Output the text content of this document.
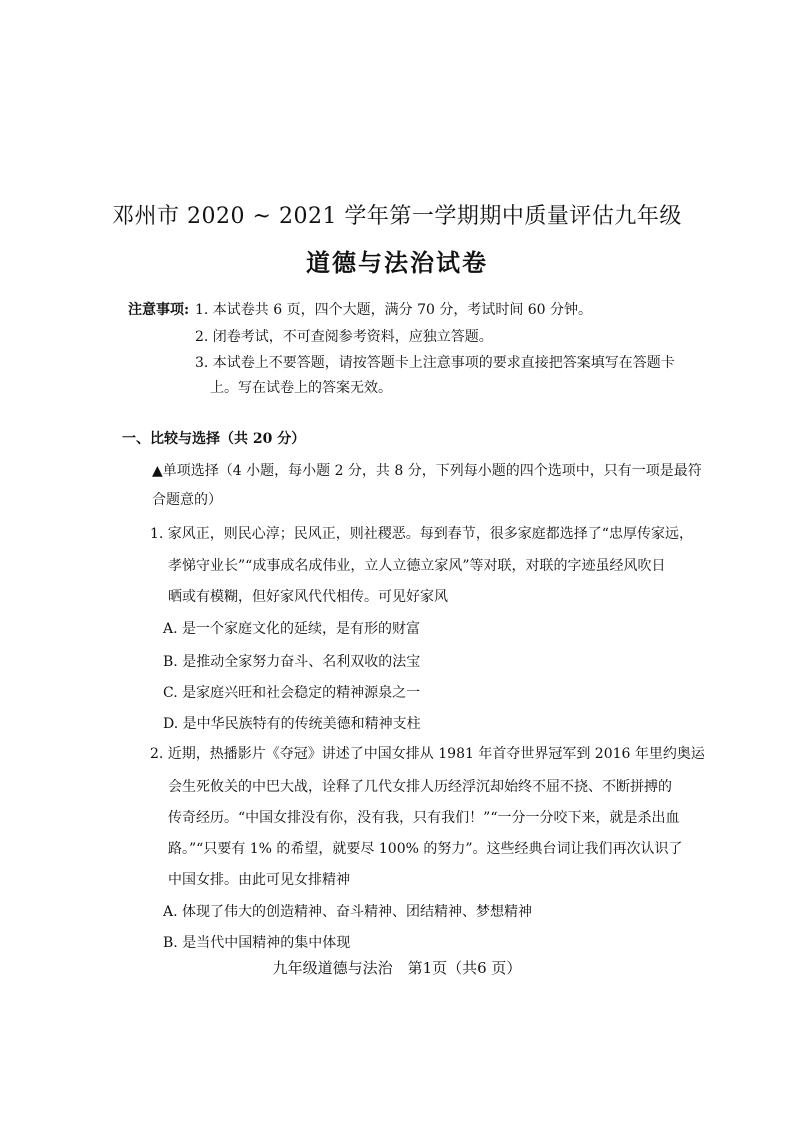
邓州市 2020 ~ 2021 学年第一学期期中质量评估九年级
道德与法治试卷
注意事项: 1. 本试卷共 6 页，四个大题，满分 70 分，考试时间 60 分钟。
2. 闭卷考试，不可查阅参考资料，应独立答题。
3. 本试卷上不要答题，请按答题卡上注意事项的要求直接把答案填写在答题卡
上。写在试卷上的答案无效。
一、比较与选择（共 20 分）
▲单项选择（4 小题，每小题 2 分，共 8 分，下列每小题的四个选项中，只有一项是最符
合题意的）
1. 家风正，则民心淳；民风正，则社稷恶。每到春节，很多家庭都选择了“忠厚传家远，
孝悌守业长”“成事成名成伟业，立人立德立家风”等对联，对联的字迹虽经风吹日
晒或有模糊，但好家风代代相传。可见好家风
A. 是一个家庭文化的延续，是有形的财富
B. 是推动全家努力奋斗、名利双收的法宝
C. 是家庭兴旺和社会稳定的精神源泉之一
D. 是中华民族特有的传统美德和精神支柱
2. 近期，热播影片《夺冠》讲述了中国女排从 1981 年首夺世界冠军到 2016 年里约奥运
会生死攸关的中巴大战，诠释了几代女排人历经浮沉却始终不屈不挠、不断拼搏的
传奇经历。“中国女排没有你，没有我，只有我们！”“一分一分咬下来，就是杀出血
路。”“只要有 1% 的希望，就要尽 100% 的努力”。这些经典台词让我们再次认识了
中国女排。由此可见女排精神
A. 体现了伟大的创造精神、奋斗精神、团结精神、梦想精神
B. 是当代中国精神的集中体现
九年级道德与法治　第1页（共6 页）
